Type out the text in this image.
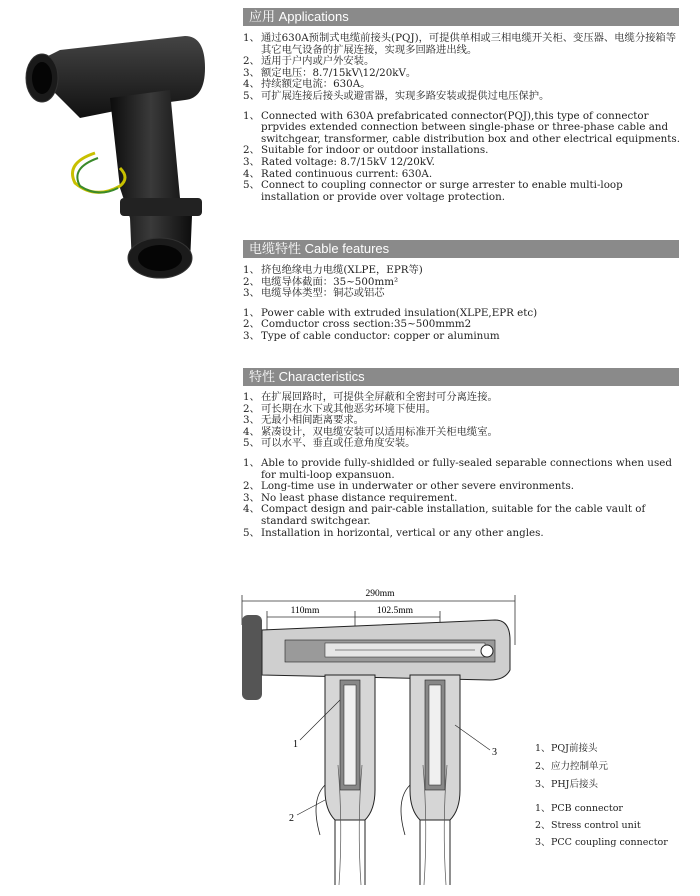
应用 Applications
1、 通过630A预制式电缆前接头(PQJ)，可提供单相或三相电缆开关柜、变压器、电缆分接箱等其它电气设备的扩展连接，实现多回路进出线。
2、 适用于户内或户外安装。
3、 额定电压：8.7/15kV\12/20kV。
4、 持续额定电流：630A。
5、 可扩展连接后接头或避雷器，实现多路安装或提供过电压保护。
1、 Connected with 630A prefabricated connector(PQJ),this type of connector prpvides extended connection between single-phase or three-phase cable and switchgear, transformer, cable distribution box and other electrical equipments.
2、 Suitable for indoor or outdoor installations.
3、 Rated voltage: 8.7/15kV 12/20kV.
4、 Rated continuous current: 630A.
5、 Connect to coupling connector or surge arrester to enable multi-loop installation or provide over voltage protection.
电缆特性 Cable features
1、 挤包绝缘电力电缆(XLPE，EPR等)
2、 电缆导体截面：35~500mm²
3、 电缆导体类型：铜芯或铝芯
1、 Power cable with extruded insulation(XLPE,EPR etc)
2、 Comductor cross section:35~500mmm2
3、 Type of cable conductor: copper or aluminum
特性 Characteristics
1、 在扩展回路时，可提供全屏蔽和全密封可分离连接。
2、 可长期在水下或其他恶劣环境下使用。
3、 无最小相间距离要求。
4、 紧凑设计，双电缆安装可以适用标准开关柜电缆室。
5、 可以水平、垂直或任意角度安装。
1、 Able to provide fully-shidlded or fully-sealed separable connections when used for multi-loop expansuon.
2、 Long-time use in underwater or other severe environments.
3、 No least phase distance requirement.
4、 Compact design and pair-cable installation, suitable for the cable vault of standard switchgear.
5、 Installation in horizontal, vertical or any other angles.
290mm
110mm	102.5mm
1
2
3	1、 PQJ前接头
2、 应力控制单元
3、 PHJ后接头
1、 PCB connector
2、 Stress control unit
3、 PCC coupling connector
